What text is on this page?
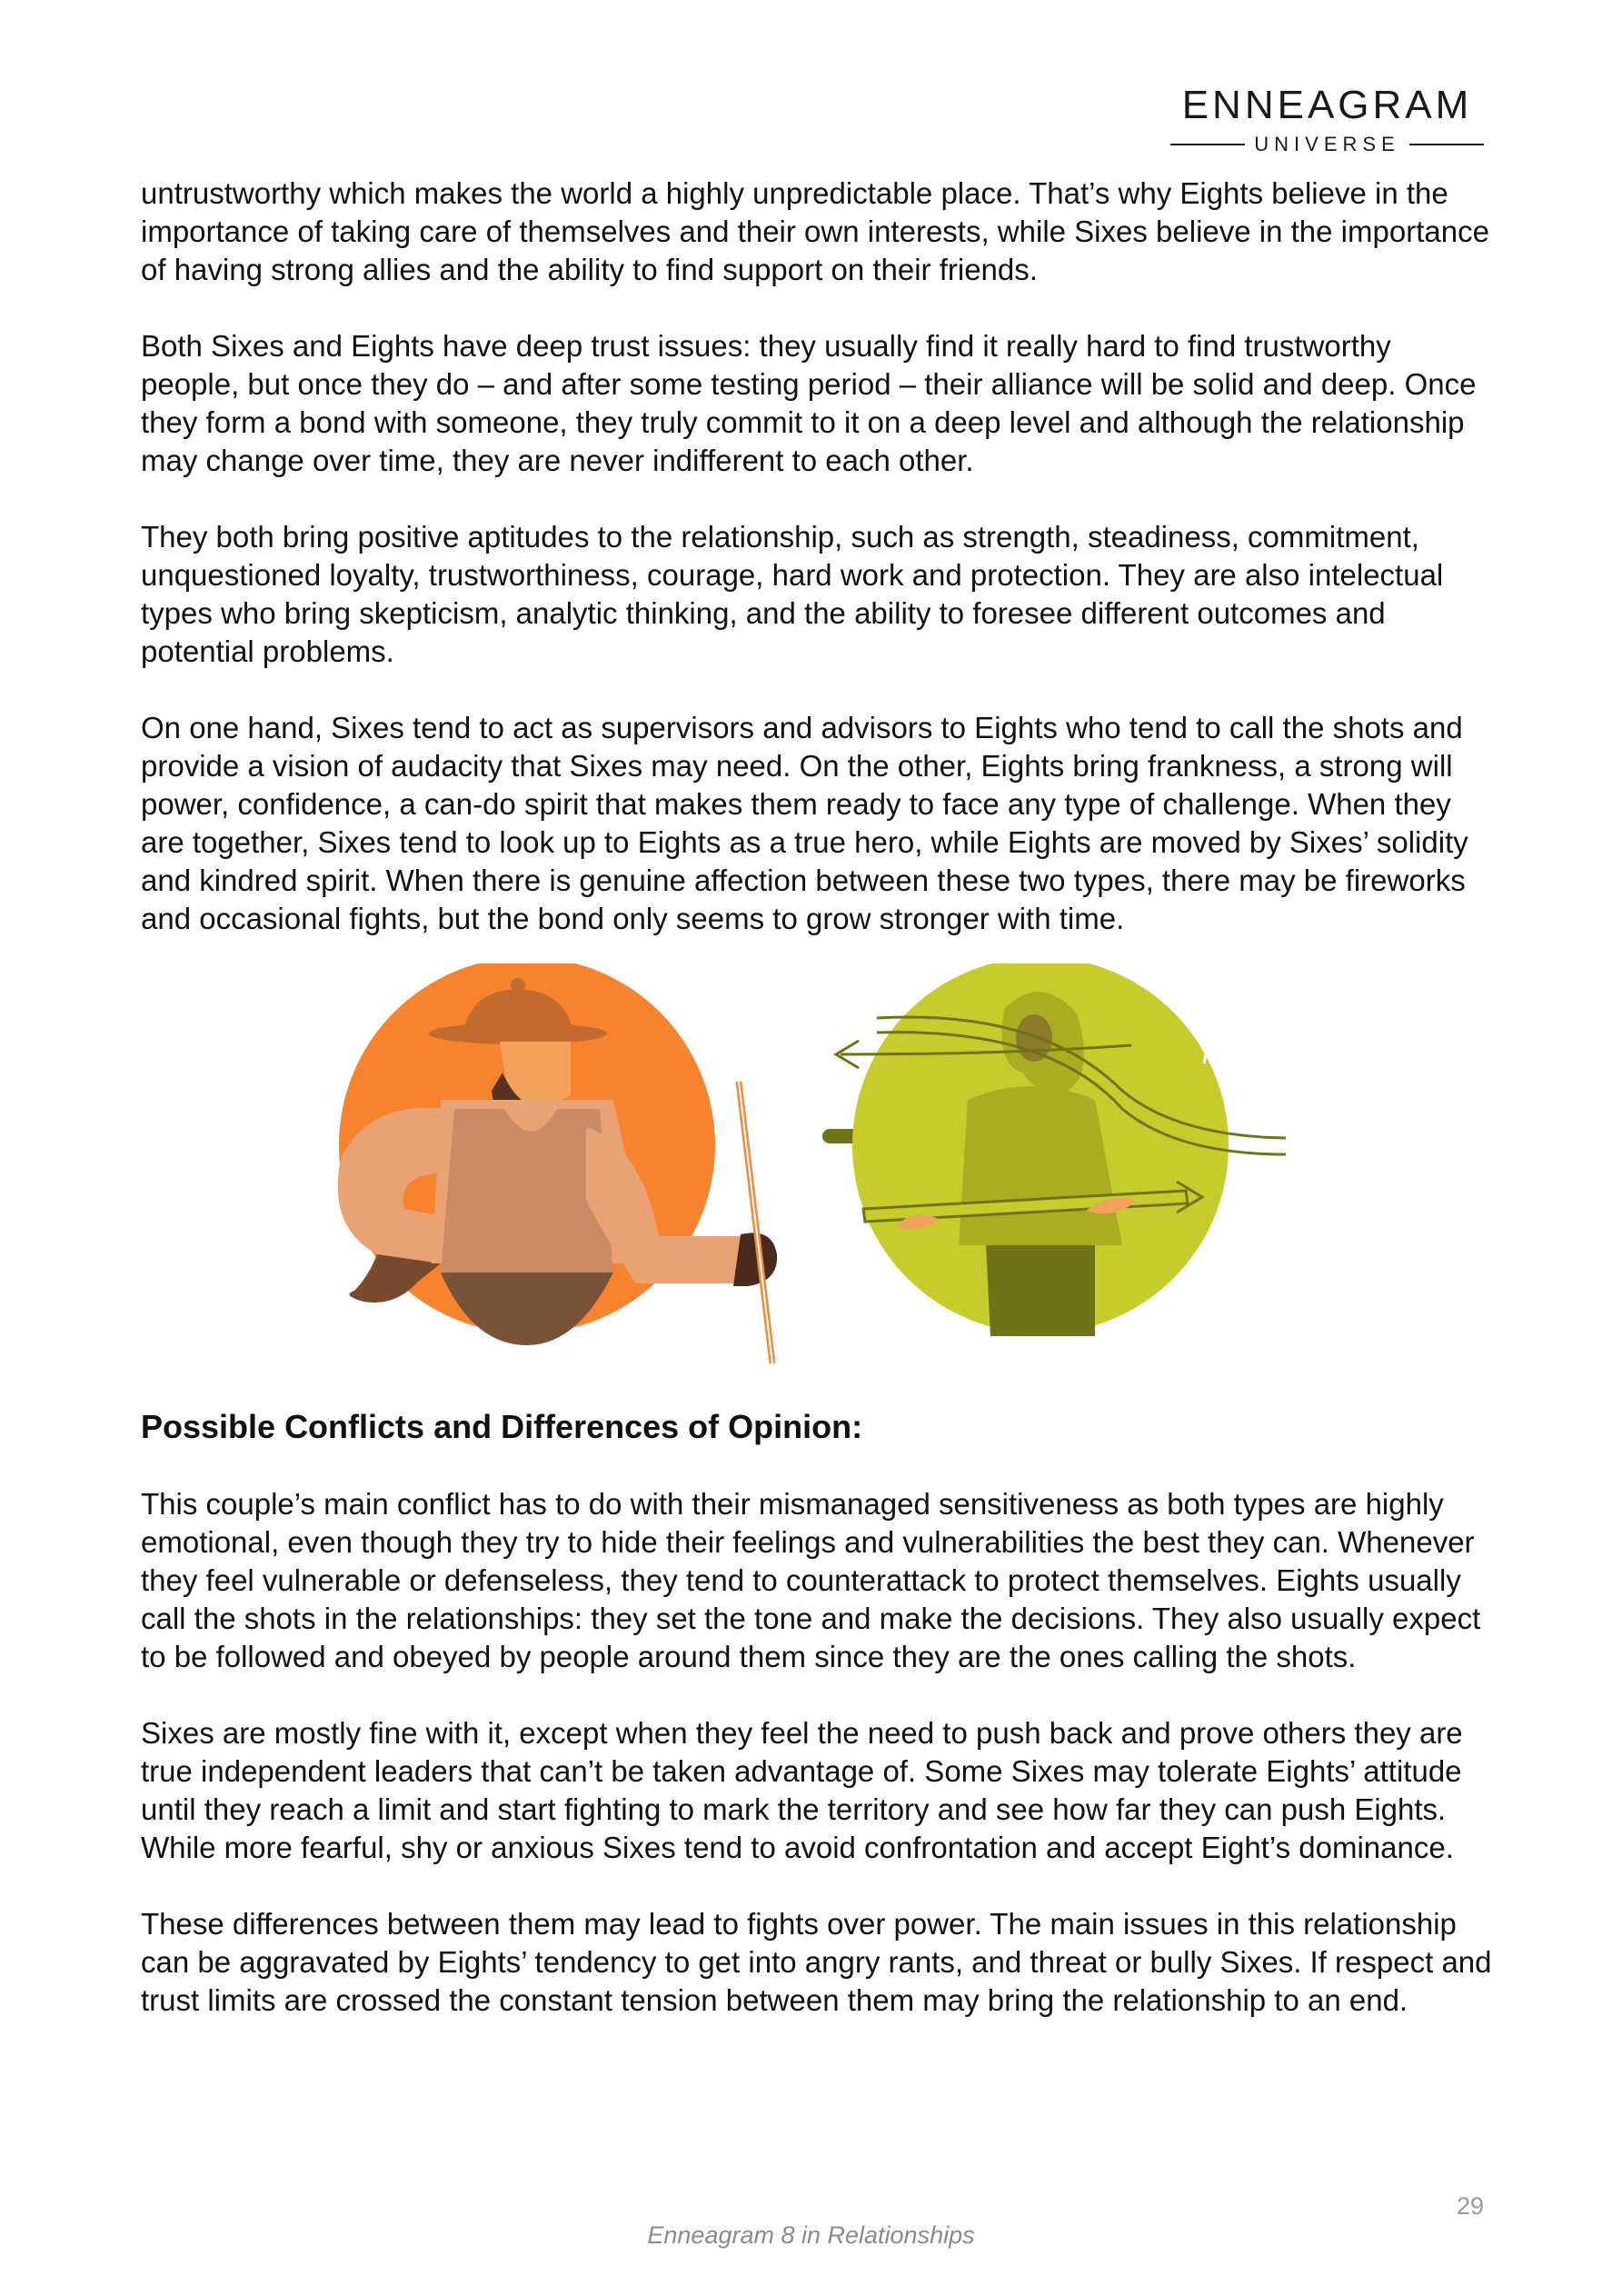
ENNEAGRAM
UNIVERSE

untrustworthy which makes the world a highly unpredictable place. That’s why Eights believe in the importance of taking care of themselves and their own interests, while Sixes believe in the importance of having strong allies and the ability to find support on their friends.

Both Sixes and Eights have deep trust issues: they usually find it really hard to find trustworthy people, but once they do – and after some testing period – their alliance will be solid and deep. Once they form a bond with someone, they truly commit to it on a deep level and although the relationship may change over time, they are never indifferent to each other.

They both bring positive aptitudes to the relationship, such as strength, steadiness, commitment, unquestioned loyalty, trustworthiness, courage, hard work and protection. They are also intelectual types who bring skepticism, analytic thinking, and the ability to foresee different outcomes and potential problems.

On one hand, Sixes tend to act as supervisors and advisors to Eights who tend to call the shots and provide a vision of audacity that Sixes may need. On the other, Eights bring frankness, a strong will power, confidence, a can-do spirit that makes them ready to face any type of challenge. When they are together, Sixes tend to look up to Eights as a true hero, while Eights are moved by Sixes’ solidity and kindred spirit. When there is genuine affection between these two types, there may be fireworks and occasional fights, but the bond only seems to grow stronger with time.

Possible Conflicts and Differences of Opinion:

This couple’s main conflict has to do with their mismanaged sensitiveness as both types are highly emotional, even though they try to hide their feelings and vulnerabilities the best they can. Whenever they feel vulnerable or defenseless, they tend to counterattack to protect themselves. Eights usually call the shots in the relationships: they set the tone and make the decisions. They also usually expect to be followed and obeyed by people around them since they are the ones calling the shots.

Sixes are mostly fine with it, except when they feel the need to push back and prove others they are true independent leaders that can’t be taken advantage of. Some Sixes may tolerate Eights’ attitude until they reach a limit and start fighting to mark the territory and see how far they can push Eights. While more fearful, shy or anxious Sixes tend to avoid confrontation and accept Eight’s dominance.

These differences between them may lead to fights over power. The main issues in this relationship can be aggravated by Eights’ tendency to get into angry rants, and threat or bully Sixes. If respect and trust limits are crossed the constant tension between them may bring the relationship to an end.

29
Enneagram 8 in Relationships
